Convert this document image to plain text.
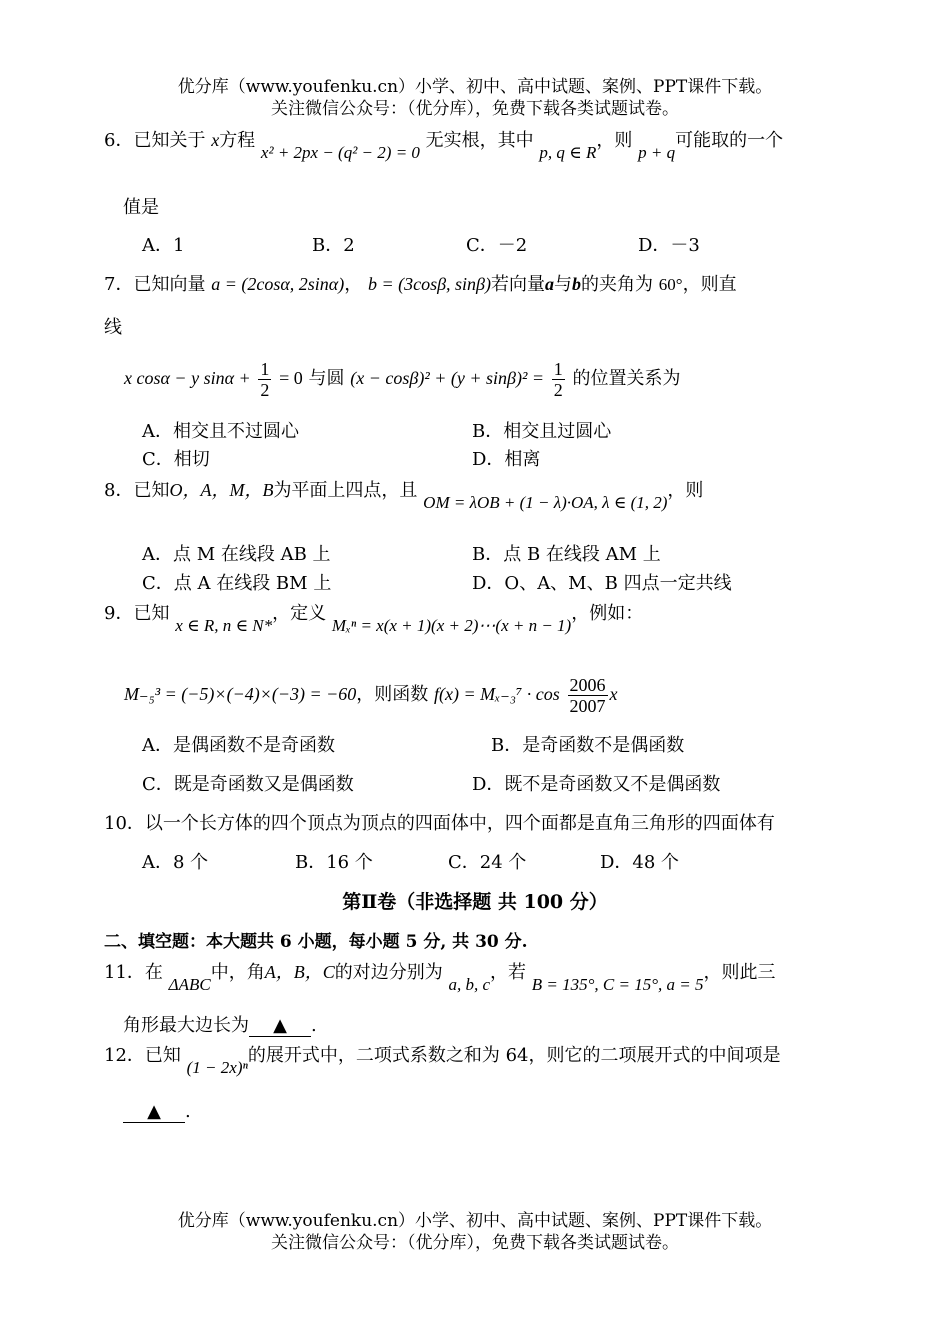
优分库（www.youfenku.cn）小学、初中、高中试题、案例、PPT课件下载。
关注微信公众号：（优分库），免费下载各类试题试卷。
6．已知关于 x方程 x² + 2px − (q² − 2) = 0 无实根，其中 p, q ∈ R，则 p + q可能取的一个
值是
A．1	B．2	C．－2	D．－3
7．已知向量 a = (2cosα, 2sinα)， b = (3cosβ, sinβ)若向量a与b的夹角为 60°，则直
线
x cosα − y $\sin\alpha + \frac{1}{2} = 0$ 与圆 $(x - \cos\beta)^2 + (y + \sin\beta)^2 = \frac{1}{2}$ 的位置关系为
A．相交且不过圆心	B．相交且过圆心
C．相切	D．相离
8．已知O，A，M，B为平面上四点，且 OM = λOB + (1 − λ)·OA, λ ∈ (1, 2)，则
A．点 M 在线段 AB 上	B．点 B 在线段 AM 上
C．点 A 在线段 BM 上	D．O、A、M、B 四点一定共线
9．已知 x ∈ R, n ∈ N*，定义 Mₓⁿ = x(x + 1)(x + 2)⋯(x + n − 1)，例如：
M₋₅³ = (−5)×(−4)×(−3) = −60，则函数 $f(x) = M_{x-3}^7 \cdot \cos \frac{2006}{2007}$ x
A．是偶函数不是奇函数	B．是奇函数不是偶函数
C．既是奇函数又是偶函数	D．既不是奇函数又不是偶函数
10．以一个长方体的四个顶点为顶点的四面体中，四个面都是直角三角形的四面体有
A．8 个	B．16 个	C．24 个	D．48 个
第Ⅱ卷（非选择题 共 100 分）
二、填空题：本大题共 6 小题，每小题 5 分, 共 30 分.
11．在 ΔABC中，角A，B，C的对边分别为 a, b, c，若 B = 135°, C = 15°, a = 5，则此三
角形最大边长为 ▲ .
12．已知 (1 − 2x)ⁿ的展开式中，二项式系数之和为 64，则它的二项展开式的中间项是
▲ .
优分库（www.youfenku.cn）小学、初中、高中试题、案例、PPT课件下载。
关注微信公众号：（优分库），免费下载各类试题试卷。
